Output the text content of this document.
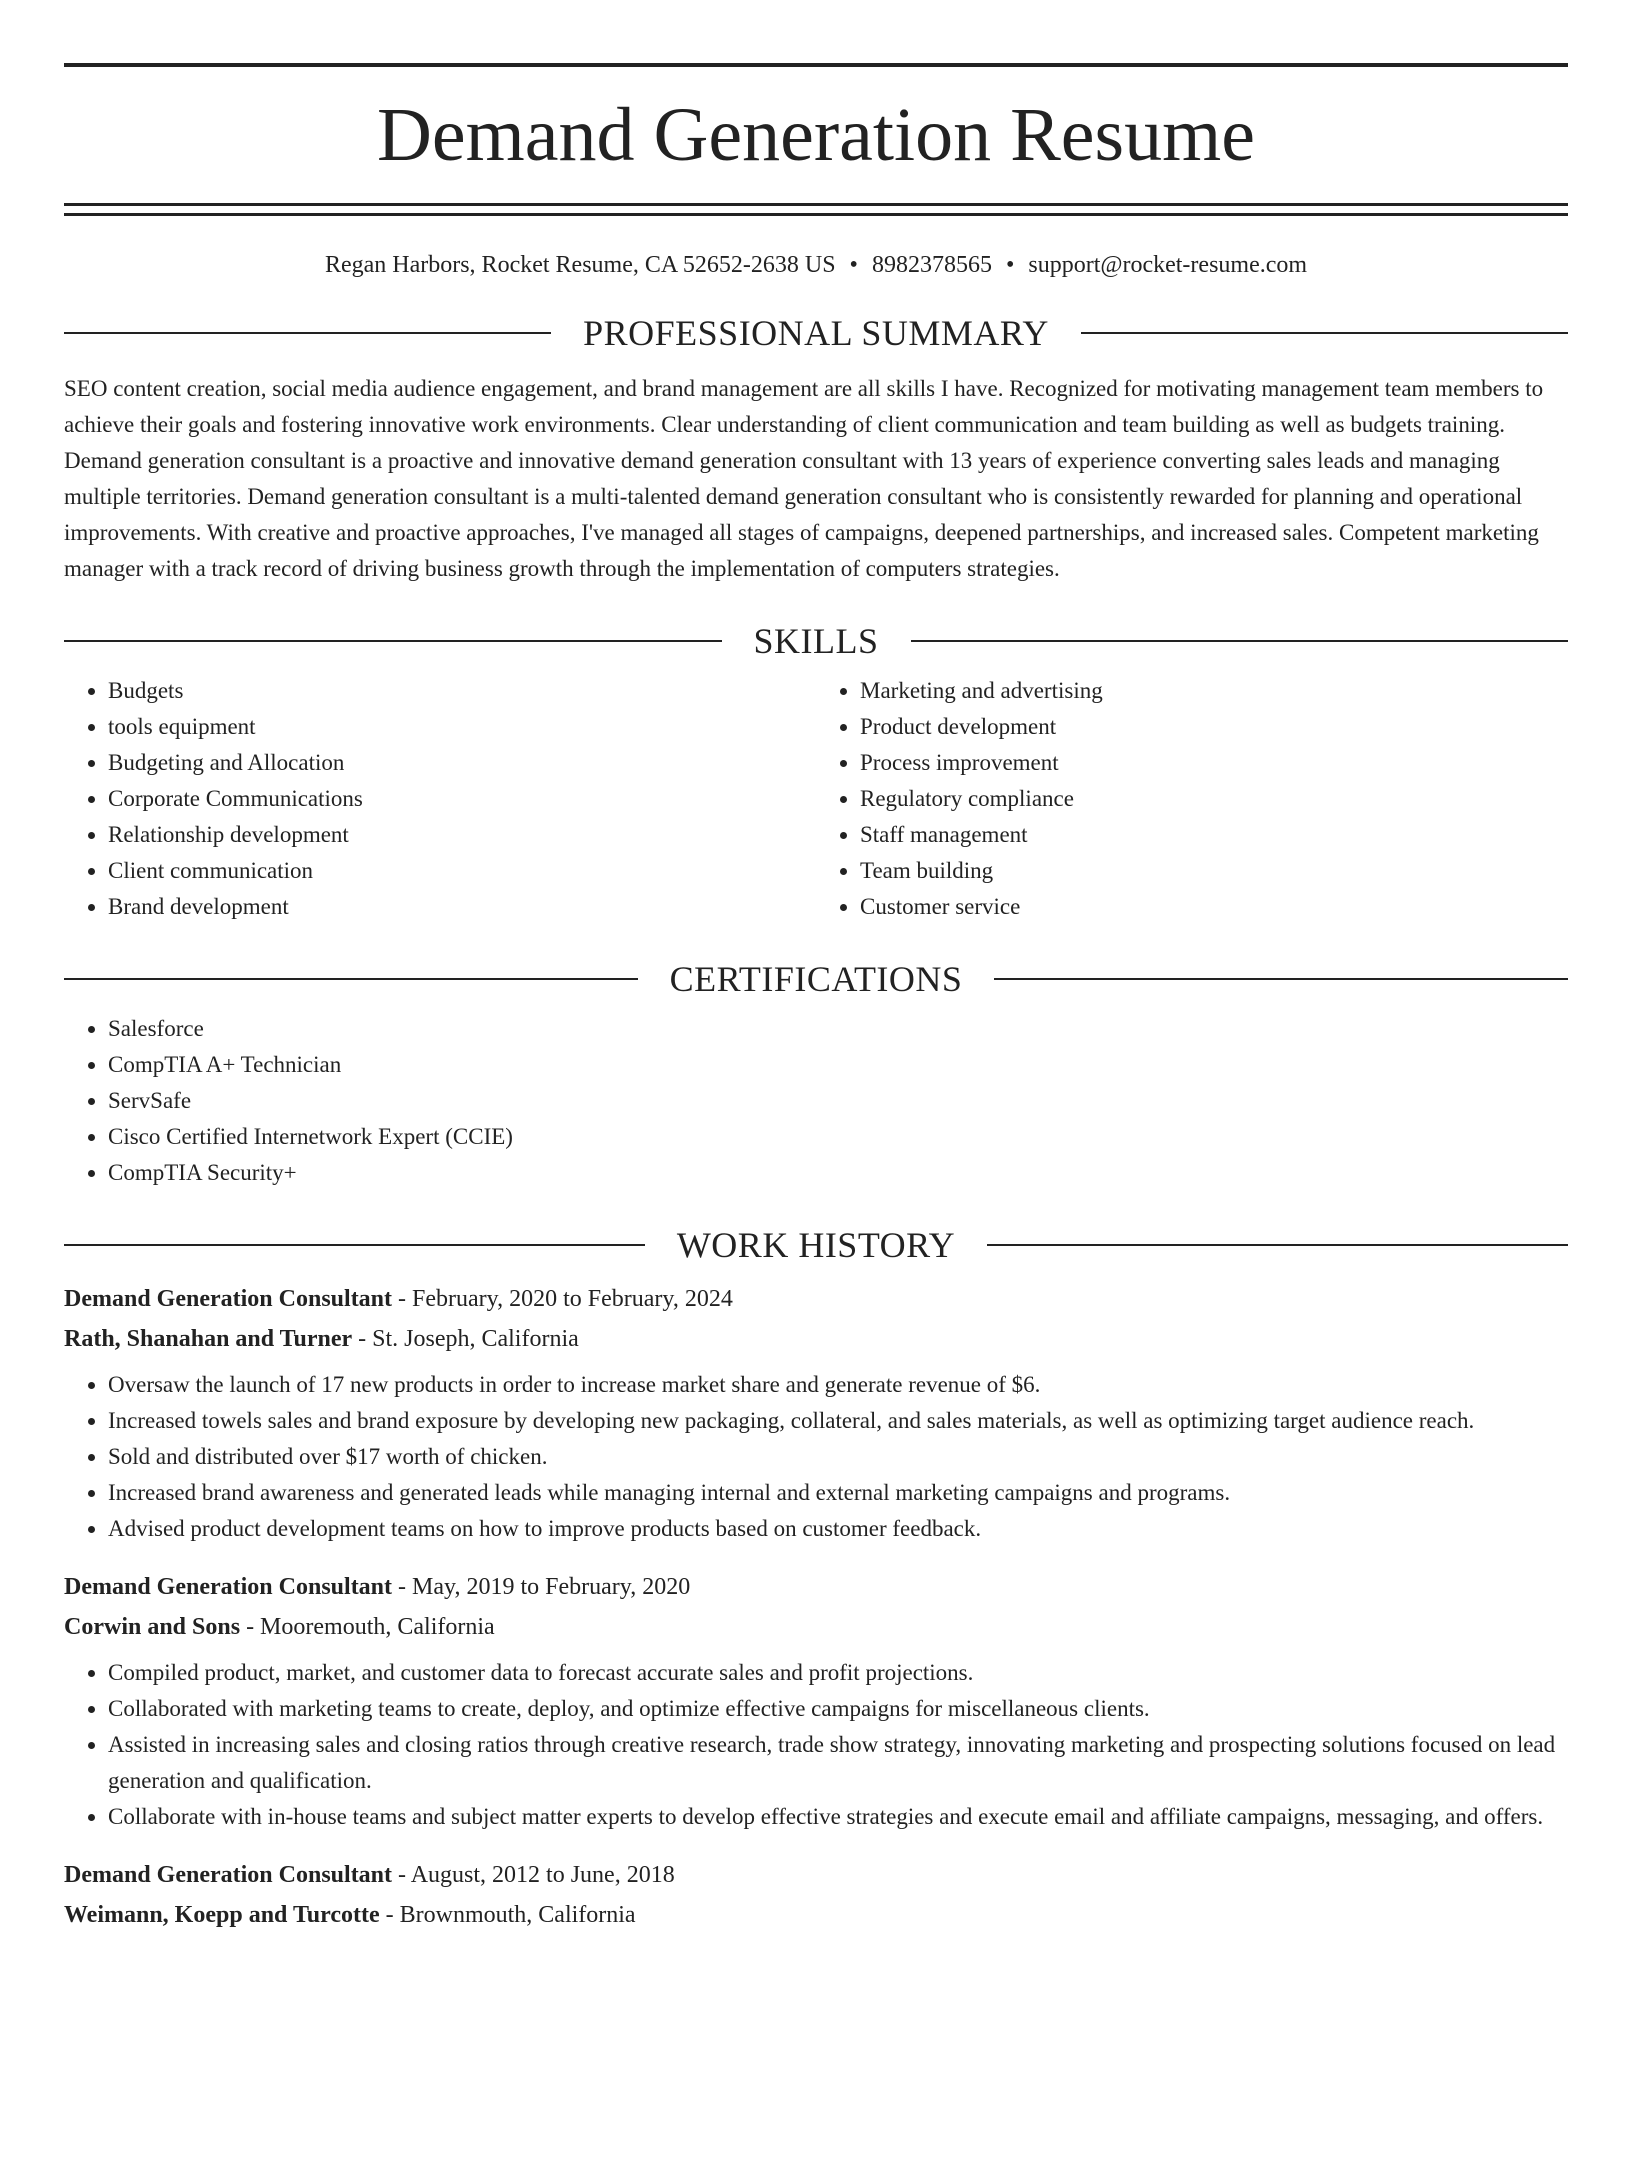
Demand Generation Resume
Regan Harbors, Rocket Resume, CA 52652-2638 US • 8982378565 • support@rocket-resume.com
PROFESSIONAL SUMMARY

SEO content creation, social media audience engagement, and brand management are all skills I have. Recognized for motivating management team members to achieve their goals and fostering innovative work environments. Clear understanding of client communication and team building as well as budgets training. Demand generation consultant is a proactive and innovative demand generation consultant with 13 years of experience converting sales leads and managing multiple territories. Demand generation consultant is a multi-talented demand generation consultant who is consistently rewarded for planning and operational improvements. With creative and proactive approaches, I've managed all stages of campaigns, deepened partnerships, and increased sales. Competent marketing manager with a track record of driving business growth through the implementation of computers strategies.

SKILLS
• Budgets
• tools equipment
• Budgeting and Allocation
• Corporate Communications
• Relationship development
• Client communication
• Brand development
• Marketing and advertising
• Product development
• Process improvement
• Regulatory compliance
• Staff management
• Team building
• Customer service
CERTIFICATIONS
• Salesforce
• CompTIA A+ Technician
• ServSafe
• Cisco Certified Internetwork Expert (CCIE)
• CompTIA Security+
WORK HISTORY
Demand Generation Consultant - February, 2020 to February, 2024
Rath, Shanahan and Turner - St. Joseph, California
• Oversaw the launch of 17 new products in order to increase market share and generate revenue of $6.
• Increased towels sales and brand exposure by developing new packaging, collateral, and sales materials, as well as optimizing target audience reach.
• Sold and distributed over $17 worth of chicken.
• Increased brand awareness and generated leads while managing internal and external marketing campaigns and programs.
• Advised product development teams on how to improve products based on customer feedback.
Demand Generation Consultant - May, 2019 to February, 2020
Corwin and Sons - Mooremouth, California
• Compiled product, market, and customer data to forecast accurate sales and profit projections.
• Collaborated with marketing teams to create, deploy, and optimize effective campaigns for miscellaneous clients.
• Assisted in increasing sales and closing ratios through creative research, trade show strategy, innovating marketing and prospecting solutions focused on lead generation and qualification.
• Collaborate with in-house teams and subject matter experts to develop effective strategies and execute email and affiliate campaigns, messaging, and offers.
Demand Generation Consultant - August, 2012 to June, 2018
Weimann, Koepp and Turcotte - Brownmouth, California
